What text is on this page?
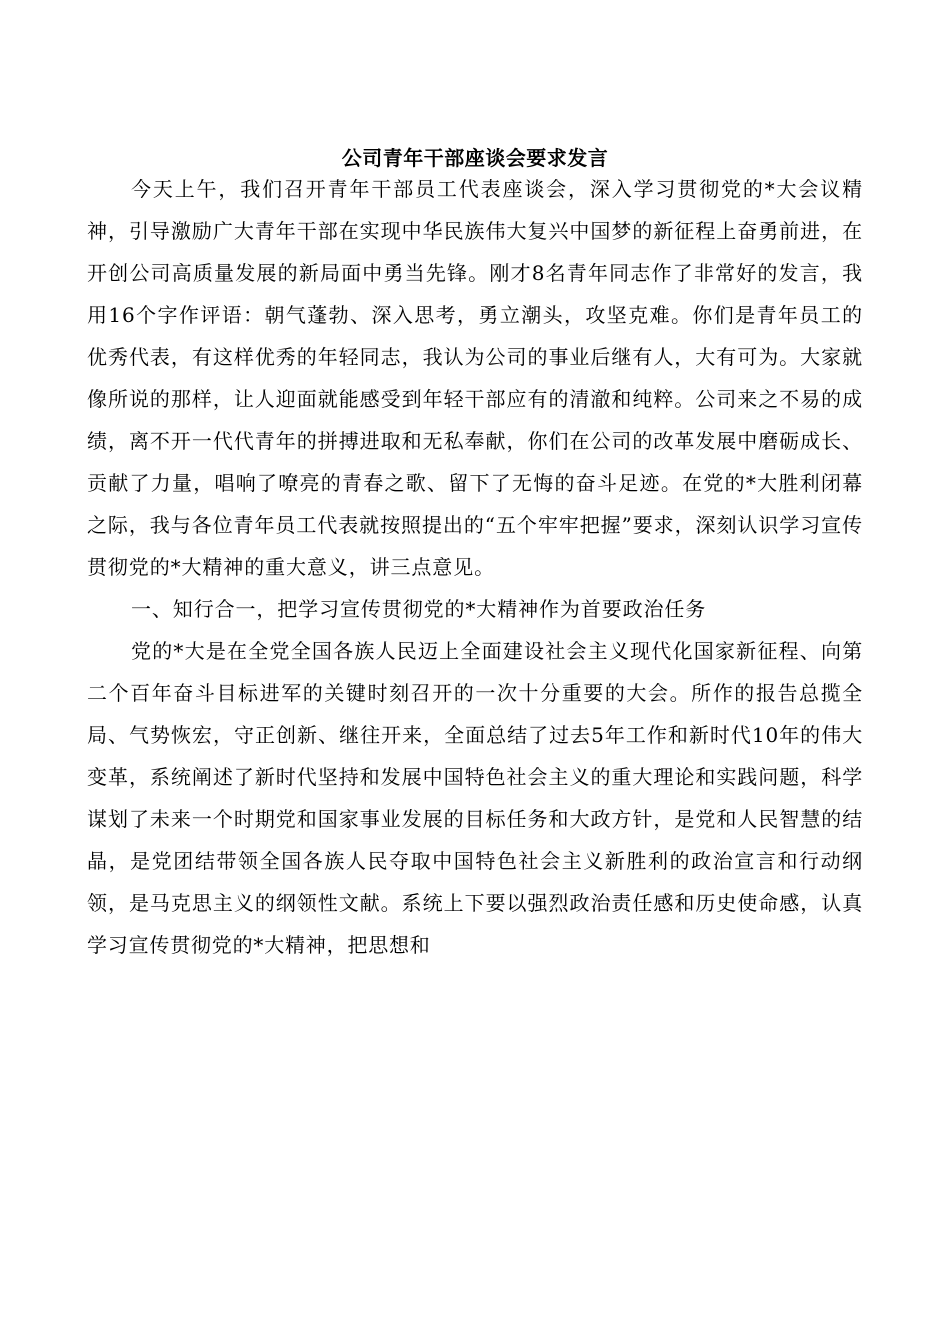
公司青年干部座谈会要求发言

今天上午，我们召开青年干部员工代表座谈会，深入学习贯彻党的*大会议精神，引导激励广大青年干部在实现中华民族伟大复兴中国梦的新征程上奋勇前进，在开创公司高质量发展的新局面中勇当先锋。刚才8名青年同志作了非常好的发言，我用16个字作评语：朝气蓬勃、深入思考，勇立潮头，攻坚克难。你们是青年员工的优秀代表，有这样优秀的年轻同志，我认为公司的事业后继有人，大有可为。大家就像所说的那样，让人迎面就能感受到年轻干部应有的清澈和纯粹。公司来之不易的成绩，离不开一代代青年的拼搏进取和无私奉献，你们在公司的改革发展中磨砺成长、贡献了力量，唱响了嘹亮的青春之歌、留下了无悔的奋斗足迹。在党的*大胜利闭幕之际，我与各位青年员工代表就按照提出的“五个牢牢把握”要求，深刻认识学习宣传贯彻党的*大精神的重大意义，讲三点意见。

一、知行合一，把学习宣传贯彻党的*大精神作为首要政治任务

党的*大是在全党全国各族人民迈上全面建设社会主义现代化国家新征程、向第二个百年奋斗目标进军的关键时刻召开的一次十分重要的大会。所作的报告总揽全局、气势恢宏，守正创新、继往开来，全面总结了过去5年工作和新时代10年的伟大变革，系统阐述了新时代坚持和发展中国特色社会主义的重大理论和实践问题，科学谋划了未来一个时期党和国家事业发展的目标任务和大政方针，是党和人民智慧的结晶，是党团结带领全国各族人民夺取中国特色社会主义新胜利的政治宣言和行动纲领，是马克思主义的纲领性文献。系统上下要以强烈政治责任感和历史使命感，认真学习宣传贯彻党的*大精神，把思想和
